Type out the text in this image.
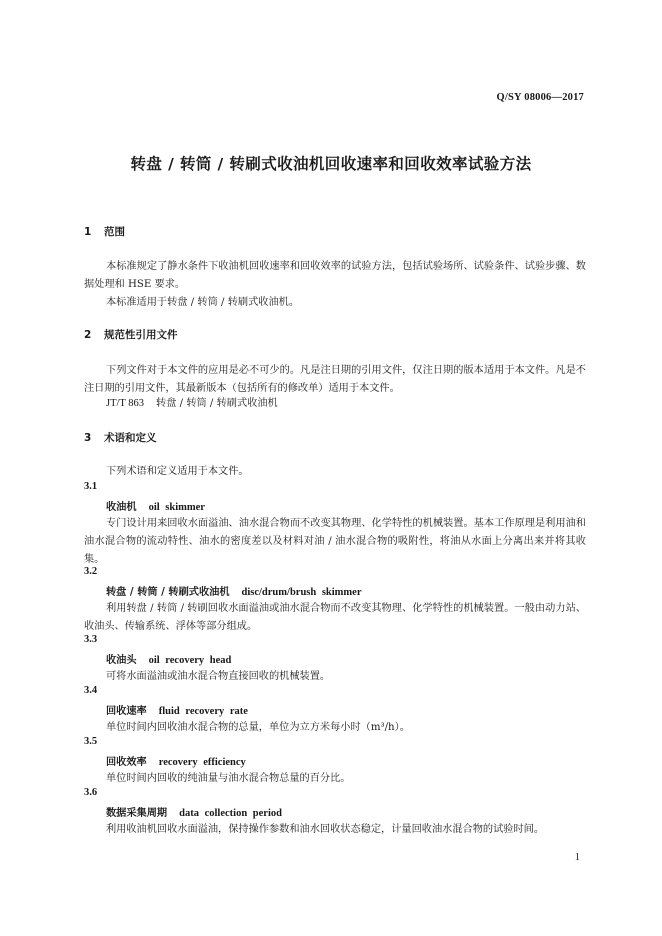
Q/SY 08006—2017
转盘 / 转筒 / 转刷式收油机回收速率和回收效率试验方法
1 范围
本标准规定了静水条件下收油机回收速率和回收效率的试验方法，包括试验场所、试验条件、试验步骤、数据处理和 HSE 要求。
本标准适用于转盘 / 转筒 / 转刷式收油机。
2 规范性引用文件
下列文件对于本文件的应用是必不可少的。凡是注日期的引用文件，仅注日期的版本适用于本文件。凡是不注日期的引用文件，其最新版本（包括所有的修改单）适用于本文件。
JT/T 863 转盘 / 转筒 / 转刷式收油机
3 术语和定义
下列术语和定义适用于本文件。
3.1
收油机 oil skimmer
专门设计用来回收水面溢油、油水混合物而不改变其物理、化学特性的机械装置。基本工作原理是利用油和油水混合物的流动特性、油水的密度差以及材料对油 / 油水混合物的吸附性，将油从水面上分离出来并将其收集。
3.2
转盘 / 转筒 / 转刷式收油机 disc/drum/brush skimmer
利用转盘 / 转筒 / 转刷回收水面溢油或油水混合物而不改变其物理、化学特性的机械装置。一般由动力站、收油头、传输系统、浮体等部分组成。
3.3
收油头 oil recovery head
可将水面溢油或油水混合物直接回收的机械装置。
3.4
回收速率 fluid recovery rate
单位时间内回收油水混合物的总量，单位为立方米每小时（m³/h）。
3.5
回收效率 recovery efficiency
单位时间内回收的纯油量与油水混合物总量的百分比。
3.6
数据采集周期 data collection period
利用收油机回收水面溢油，保持操作参数和油水回收状态稳定，计量回收油水混合物的试验时间。
1
